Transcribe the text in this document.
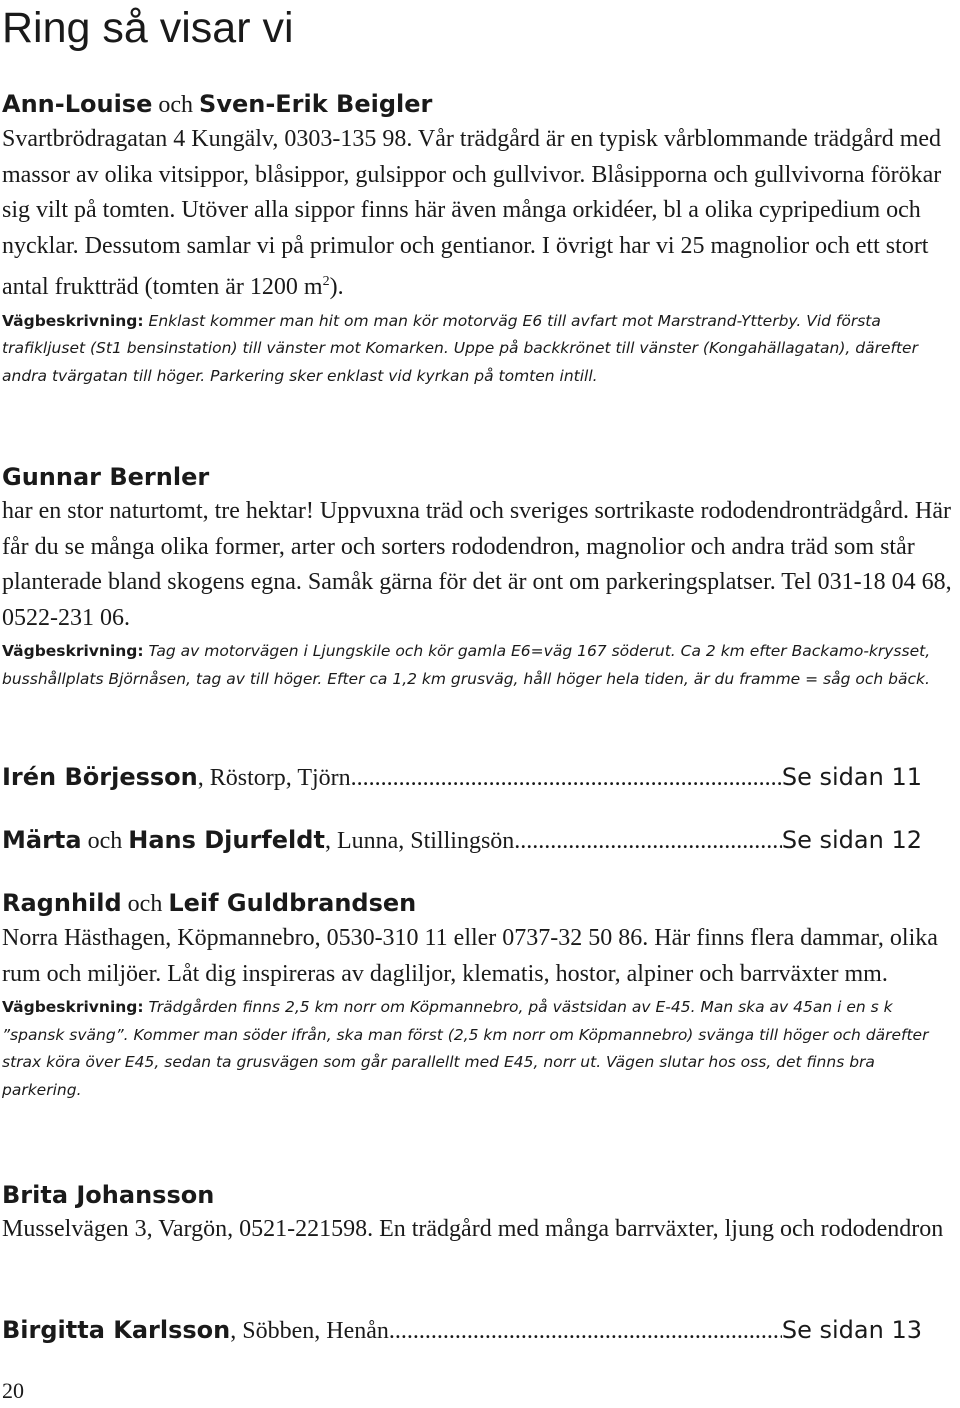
Ring så visar vi

Ann-Louise och Sven-Erik Beigler

Svartbrödragatan 4 Kungälv, 0303-135 98. Vår trädgård är en typisk vårblommande trädgård med massor av olika vitsippor, blåsippor, gulsippor och gullvivor. Blåsipporna och gullvivorna förökar sig vilt på tomten. Utöver alla sippor finns här även många orkidéer, bl a olika cypripedium och nycklar. Dessutom samlar vi på primulor och gentianor. I övrigt har vi 25 magnolior och ett stort antal fruktträd (tomten är 1200 $m^2$).

Vägbeskrivning: Enklast kommer man hit om man kör motorväg E6 till avfart mot Marstrand-Ytterby. Vid första trafikljuset (St1 bensinstation) till vänster mot Komarken. Uppe på backkrönet till vänster (Kongahällagatan), därefter andra tvärgatan till höger. Parkering sker enklast vid kyrkan på tomten intill.

Gunnar Bernler

har en stor naturtomt, tre hektar! Uppvuxna träd och sveriges sortrikaste rododendronträdgård. Här får du se många olika former, arter och sorters rododendron, magnolior och andra träd som står planterade bland skogens egna. Samåk gärna för det är ont om parkeringsplatser. Tel 031-18 04 68, 0522-231 06.

Vägbeskrivning: Tag av motorvägen i Ljungskile och kör gamla E6=väg 167 söderut. Ca 2 km efter Backamo-krysset, busshållplats Björnåsen, tag av till höger. Efter ca 1,2 km grusväg, håll höger hela tiden, är du framme = såg och bäck.

Irén Börjesson, Röstorp, Tjörn .....	Se sidan 11
Märta och Hans Djurfeldt, Lunna, Stillingsön .....	Se sidan 12

Ragnhild och Leif Guldbrandsen

Norra Hästhagen, Köpmannebro, 0530-310 11 eller 0737-32 50 86. Här finns flera dammar, olika rum och miljöer. Låt dig inspireras av dagliljor, klematis, hostor, alpiner och barrväxter mm.

Vägbeskrivning: Trädgården finns 2,5 km norr om Köpmannebro, på västsidan av E-45. Man ska av 45an i en s k ”spansk sväng”. Kommer man söder ifrån, ska man först (2,5 km norr om Köpmannebro) svänga till höger och därefter strax köra över E45, sedan ta grusvägen som går parallellt med E45, norr ut. Vägen slutar hos oss, det finns bra parkering.

Brita Johansson

Musselvägen 3, Vargön, 0521-221598. En trädgård med många barrväxter, ljung och rododendron

Birgitta Karlsson, Söbben, Henån .....	Se sidan 13
20
